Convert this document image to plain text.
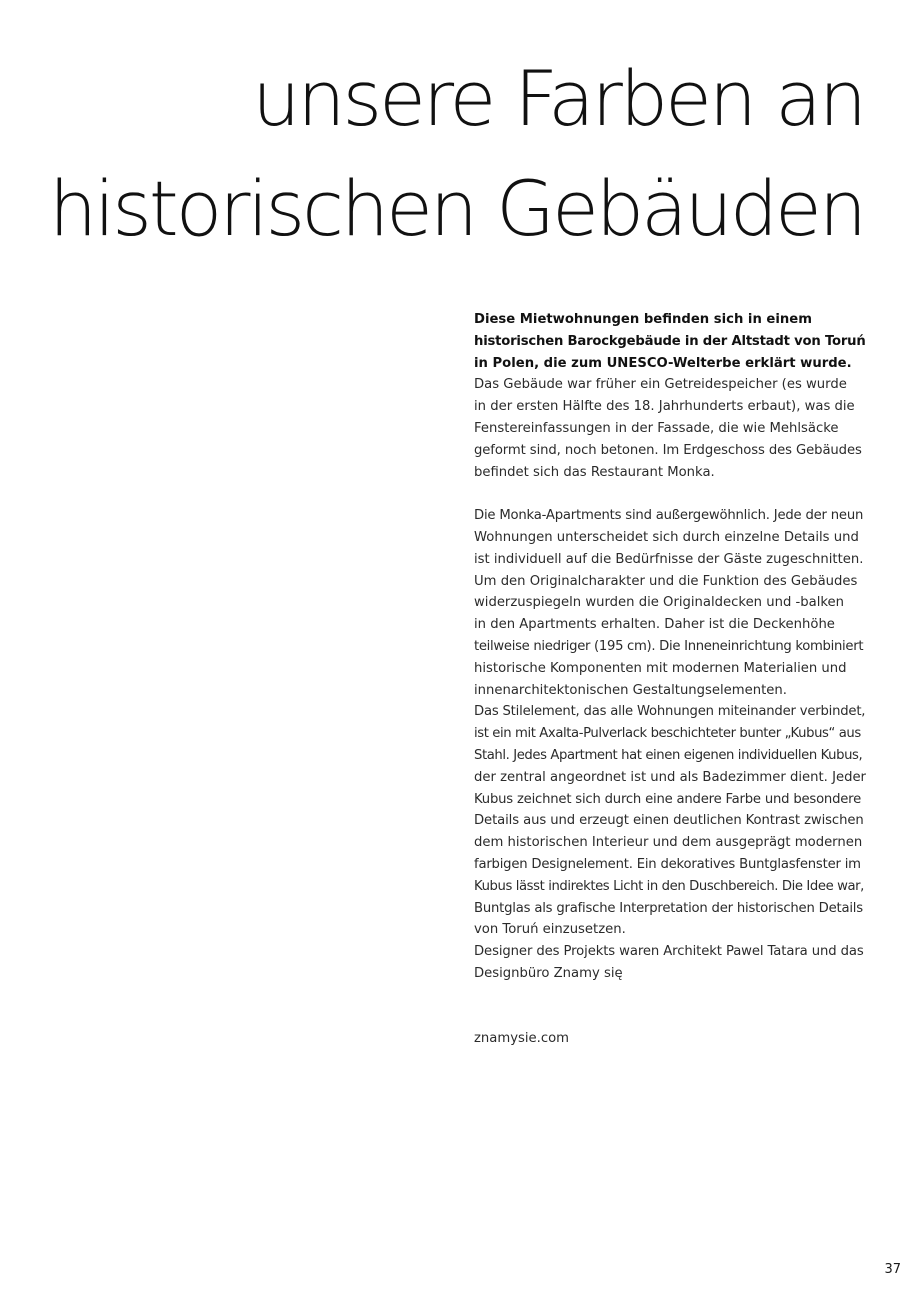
unsere Farben an
historischen Gebäuden

Diese Mietwohnungen befinden sich in einem
historischen Barockgebäude in der Altstadt von Toruń
in Polen, die zum UNESCO-Welterbe erklärt wurde.

Das Gebäude war früher ein Getreidespeicher (es wurde
in der ersten Hälfte des 18. Jahrhunderts erbaut), was die
Fenstereinfassungen in der Fassade, die wie Mehlsäcke
geformt sind, noch betonen. Im Erdgeschoss des Gebäudes
befindet sich das Restaurant Monka.

Die Monka-Apartments sind außergewöhnlich. Jede der neun
Wohnungen unterscheidet sich durch einzelne Details und
ist individuell auf die Bedürfnisse der Gäste zugeschnitten.
Um den Originalcharakter und die Funktion des Gebäudes
widerzuspiegeln wurden die Originaldecken und -balken
in den Apartments erhalten. Daher ist die Deckenhöhe
teilweise niedriger (195 cm). Die Inneneinrichtung kombiniert
historische Komponenten mit modernen Materialien und
innenarchitektonischen Gestaltungselementen.
Das Stilelement, das alle Wohnungen miteinander verbindet,
ist ein mit Axalta-Pulverlack beschichteter bunter „Kubus“ aus
Stahl. Jedes Apartment hat einen eigenen individuellen Kubus,
der zentral angeordnet ist und als Badezimmer dient. Jeder
Kubus zeichnet sich durch eine andere Farbe und besondere
Details aus und erzeugt einen deutlichen Kontrast zwischen
dem historischen Interieur und dem ausgeprägt modernen
farbigen Designelement. Ein dekoratives Buntglasfenster im
Kubus lässt indirektes Licht in den Duschbereich. Die Idee war,
Buntglas als grafische Interpretation der historischen Details
von Toruń einzusetzen.
Designer des Projekts waren Architekt Pawel Tatara und das
Designbüro Znamy się

znamysie.com

37
